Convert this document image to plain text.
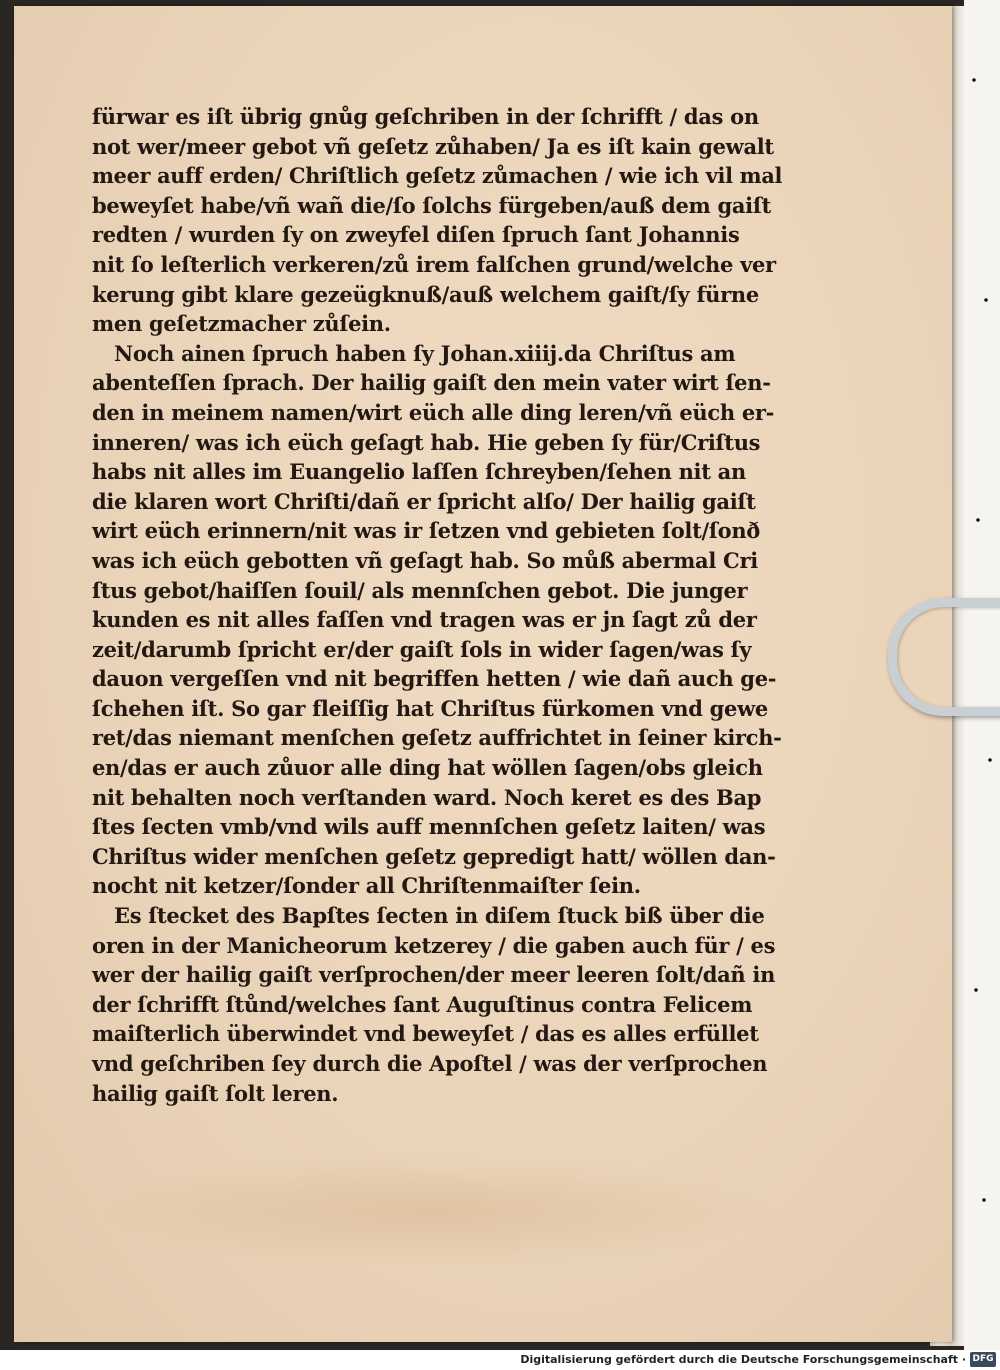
fürwar es iſt übrig gnůg geſchriben in der ſchrifft / das on
not wer/meer gebot vñ geſetz zůhaben/ Ja es iſt kain gewalt
meer auff erden/ Chriſtlich geſetz zůmachen / wie ich vil mal
beweyſet habe/vñ wañ die/ſo ſolchs fürgeben/auß dem gaiſt
redten / wurden ſy on zweyfel diſen ſpruch ſant Johannis
nit ſo leſterlich verkeren/zů irem falſchen grund/welche ver
kerung gibt klare gezeügknuß/auß welchem gaiſt/ſy fürne
men geſetzmacher zůſein.
Noch ainen ſpruch haben ſy Johan.xiiij.da Chriſtus am
abenteſſen ſprach. Der hailig gaiſt den mein vater wirt ſen-
den in meinem namen/wirt eüch alle ding leren/vñ eüch er-
inneren/ was ich eüch geſagt hab. Hie geben ſy für/Criſtus
habs nit alles im Euangelio laſſen ſchreyben/ſehen nit an
die klaren wort Chriſti/dañ er ſpricht alſo/ Der hailig gaiſt
wirt eüch erinnern/nit was ir ſetzen vnd gebieten ſolt/ſonð
was ich eüch gebotten vñ geſagt hab. So můß abermal Cri
ſtus gebot/haiſſen ſouil/ als mennſchen gebot. Die junger
kunden es nit alles faſſen vnd tragen was er jn ſagt zů der
zeit/darumb ſpricht er/der gaiſt ſols in wider ſagen/was ſy
dauon vergeſſen vnd nit begriffen hetten / wie dañ auch ge-
ſchehen iſt. So gar fleiſſig hat Chriſtus fürkomen vnd gewe
ret/das niemant menſchen geſetz auffrichtet in ſeiner kirch-
en/das er auch zůuor alle ding hat wöllen ſagen/obs gleich
nit behalten noch verſtanden ward. Noch keret es des Bap
ſtes ſecten vmb/vnd wils auff mennſchen geſetz laiten/ was
Chriſtus wider menſchen geſetz gepredigt hatt/ wöllen dan-
nocht nit ketzer/ſonder all Chriſtenmaiſter ſein.
Es ſtecket des Bapſtes ſecten in diſem ſtuck biß über die
oren in der Manicheorum ketzerey / die gaben auch für / es
wer der hailig gaiſt verſprochen/der meer leeren ſolt/dañ in
der ſchrifft ſtůnd/welches ſant Auguſtinus contra Felicem
maiſterlich überwindet vnd beweyſet / das es alles erfüllet
vnd geſchriben ſey durch die Apoſtel / was der verſprochen
hailig gaiſt ſolt leren.
Digitalisierung gefördert durch die Deutsche Forschungsgemeinschaft · DFG
